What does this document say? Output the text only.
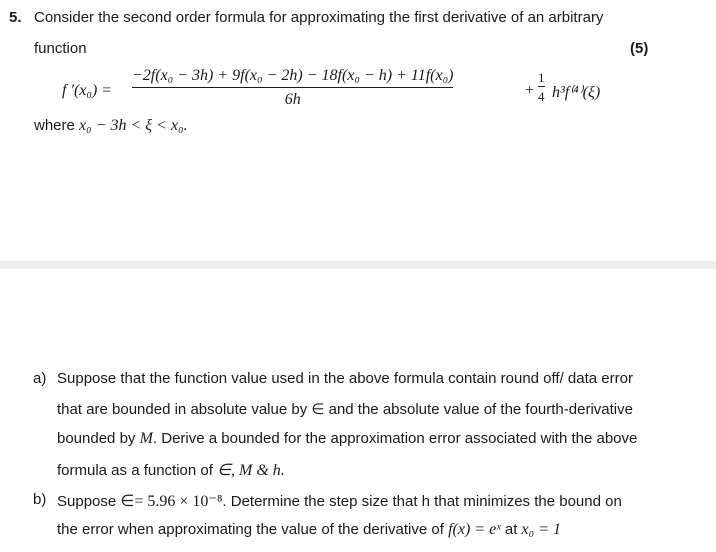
5. Consider the second order formula for approximating the first derivative of an arbitrary
function	(5)
f ′(x₀) =
−2f(x₀ − 3h) + 9f(x₀ − 2h) − 18f(x₀ − h) + 11f(x₀)
6h
+
1
4 h³f⁽⁴⁾(ξ)
where x₀ − 3h < ξ < x₀.
a) Suppose that the function value used in the above formula contain round off/ data error
that are bounded in absolute value by ∈ and the absolute value of the fourth-derivative
bounded by M. Derive a bounded for the approximation error associated with the above
formula as a function of ∈, M & h.
b) Suppose ∈= 5.96 × 10⁻⁸. Determine the step size that h that minimizes the bound on
the error when approximating the value of the derivative of f(x) = eˣ at x₀ = 1
